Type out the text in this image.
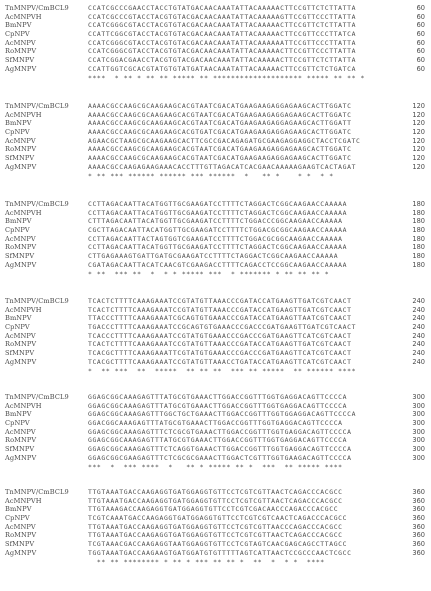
TnMNPV/CmBCL9	CCATCGCCCGAACCTACCTGTATGACAACAAATATTACAAAAACTTCCGTTCTCTTATTA	60
AcMNPVH	CCATCGCCCGTACCTACGTGTACGACAACAAATATTACAAAAAGTTCCGTTCCCTTATTA	60
BmNPV	CCATCGGGCGTACCTACGTGTACGACAACAAATATTACAAAAACTTCCGTTCTCTTATTA	60
CpNPV	CCATTCGGCGTACCTACGTGTACGACAACAAATATTACAAAAACTTCCGTTCCCTTATCA	60
AcMNPV	CCATCGGGCGTACCTACGTGTACGACAACAAATATTACAAAAAATTCCGTTCCCTTATTA	60
RoMNPV	CCATCGGGCGTACCTACGTGTACGACAACAAATATTACAAAAACTTCCGTTCCCTTATTA	60
SfMNPV	CCATCGGACGAACCTACGTGTACGACAACAAATATTACAAAAACTTCCGTTCTCTTATTA	60
AgMNPV	CCATTGGTCGCACGTATGTGTATGATAACAAATATTACAAAAACTTCCGTTCTCTGATCA	60
****  * ** * ** ** ***** ** ******************** ***** ** ** *
TnMNPV/CmBCL9	AAAACGCCAAGCGCAAGAAGCACGTAATCGACATGAAGAAGAGGAGAAGCACTTGGATC	120
AcMNPVH	AAAACGCCAAGCGCAAGAAGCACGTAATCGACATGAAGAAGAGGAGAAGCACTTGGATC	120
BmNPV	AAAACGCCAAGCGCAAGAAGCACGTAATCGACATGAAGAAGAGGAGAAGCACTTGGATT	120
CpNPV	AAAACGCCAAGCGCAAGAAGCACGTGATCGACATGAAGAAGAGGAGAAGCACTTGGATC	120
AcMNPV	AGAACGCTAAGCGCAAGAAGCACTTCGCCGACAGAGATGCGAAGAGGAGGCTACCTCGATC	120
RoMNPV	AAAACGCCAAGCGCAAGAAGCACGTAATCGACATGAAGAAGAGGAGAAGCACTTGGATC	120
SfMNPV	AAAACGCCAAGCGCAAGAAGCACGTAATCGACATGAAGAAGAGGAGAAGCACTTGGATC	120
AgMNPV	AAAACGCCAAGAGAAGAAACACCTTTGTTAGACATCACGAACAAAAAGAAGTCACTAGAT	120
* ** *** ****** ****** *** ******  *   ** *    * *  * *
TnMNPV/CmBCL9	CCTTAGACAATTACATGGTTGCGAAGATCCTTTTCTAGGACTCGGCAAGAACCAAAAA	180
AcMNPVH	CCTTAGACAATTACATGGTTGCGAAGATCCTTTTCTAGGACTCGGCAAGAACCAAAAA	180
BmNPV	CTTTAGACAATTACATGGTTGCGAAGATCCTTTTCTGGACCCGGCAAGAACCAAAAA	180
CpNPV	CGCTTAGACAATTACATGGTTGCGAAGATCCTTTTCTGGACGCGGCAAGAACCAAAAA	180
AcMNPV	CCTTAGACAATTACTAGTGGTCGAAGATCCTTTTCTGGACGCGGCAAGAACCAAAAA	180
RoMNPV	CCTTAGACAATTACATGGTTGCGAAGATCCTTTTCTAGGACTCGGCAAGAACCAAAAA	180
SfMNPV	CTTGAGAAAGTGATTGATGCGAAGATCCTTTTCTAGGACTCGGCAAGAACCAAAAA	180
AgMNPV	CGATAGACAATTACATCAACGTCGAAGACCTTTTCAGACCTCCGGCAAGAACCAAAAA	180
* **  *** **  *  * * ***** ***  * ******* * ** ** ** *
TnMNPV/CmBCL9	TCACTCTTTTCAAAGAAATCCGTATGTTAAACCCGATACCATGAAGTTGATCGTCAACT	240
AcMNPVH	TCACTCTTTTCAAAGAAATCCGTATGTTAAACCCGATACCATGAAGTTGATCGTCAACT	240
BmNPV	TTACCCTTTTCAAAGAAATCGCAGTGTGAAACCCGATACCATGAAGTTAATCGTCAACT	240
CpNPV	TGACCCTTTTCAAAGAAATCCGCAGTGTGAAACCCGACCCGATGAAGTTGATCGTCAACT	240
AcMNPV	TCACCCTTTTCAAAGAAATCCGTATGTGAAACCCGACCCGATGAAGTTCATCGTCAACT	240
RoMNPV	TCACTCTTTTCAAAGAAATCCGTATGTTAAACCCGATACCATGAAGTTGATCGTCAACT	240
SfMNPV	TCACGCTTTTCAAAGAAATTCGTATGTGAAACCCGACCCGATGAAGTTCATCGTCAACT	240
AgMNPV	TCACGCTTTTCAAAGAAATCCGTATGTTAAACCTGATACCATGAAGTTCATCGTCAACT	240
*  ** ***  **  *****  ** ** **  *** ** *****  ** ****** ****
TnMNPV/CmBCL9	GGAGCGGCAAAGAGTTTATGCGTGAAACTTGGACCGGTTTGGTGAGGACAGTTCCCCA	300
AcMNPVH	GGAGCGGCAAAGAGTTTATGCGTGAAACTTGGACCGGTTTGGTGAGGACAGTTCCCCA	300
BmNPV	GGAGCGGCAAAGAGTTTGGCTGCTGAAACTTGGACCGGTTTGGTGGAGGACAGTTCCCCA	300
CpNPV	GGACGGCAAAGAGTTTATGCGTGAAACTTGGACCGGTTTGGTGAGGACAGTTCCCCA	300
AcMNPV	GGAGCGGCAAAGAGTTTCTCGCGTGAAACTTGGACCGGTTTGGTGAGGACAGTTCCCCA	300
RoMNPV	GGAGCGGCAAAGAGTTTATGCGTGAAACTTGGACCGGTTTGGTGAGGACAGTTCCCCA	300
SfMNPV	GGAGCGGCAAAGAGTTTCTCAGGTGAAACTTGGACCGGTTTGGTGAGGACAGTTCCCCA	300
AgMNPV	GGAGCGGCGAAGAGTTTCTCGCGCGAAACTTGGACTCGTTTGGTGAAGACAGTTCCCCA	300
***  *  *** ****  *   ** * ***** ** *  ***  ** ***** ****
TnMNPV/CmBCL9	TTGTAAATGACCAAGAGGTGATGGAGGTGTTCCTCGTCGTTAACTCAGACCCACGCC	360
AcMNPVH	TTGTAAATGACCAAGAGGTGATGGAGGTGTTCCTCGTCGTTAACTCAGACCCACGCC	360
BmNPV	TTGTAAAGACCAAGAGGTGATGGAGGTGTTCCTCGTCGACAACCCAGACCCACGCC	360
CpNPV	TCGTCAAATGACCAAGAGGTGATGGAGGTGTTCCTCGTCGTCAACTCAGACCCACGCC	360
AcMNPV	TTGTAAATGACCAAGAGGTGATGGAGGTGTTCCTCGTCGTTAACCCAGACCCACGCC	360
RoMNPV	TTGTAAATGACCAAGAGGTGATGGAGGTGTTCCTCGTCGTTAACTCAGACCCACGCC	360
SfMNPV	TCGTAAACGACCAAGAGGTAATGGAGGTGTTCCTCGTAGTCAACGAGCAGCCTTAGCC	360
AgMNPV	TGGTAAATGACCAAGAAGTGATGGATGTGTTTTTAGTCATTAACTCCGCCCAACTCGCC	360
** ** ******** * ** * *** ** ** *  **  *  * *  ****
